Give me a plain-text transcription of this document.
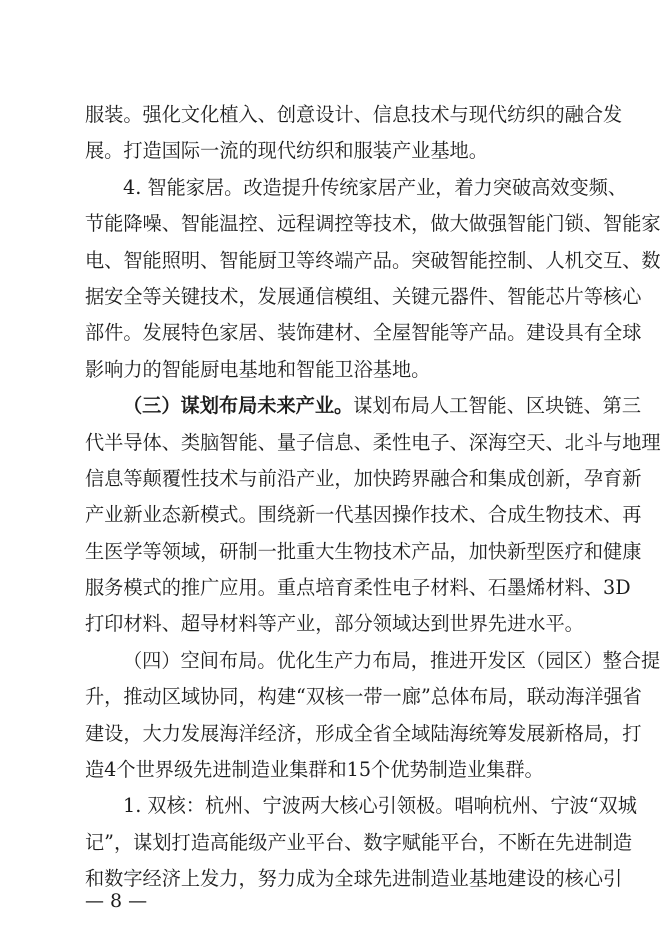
服装。强化文化植入、创意设计、信息技术与现代纺织的融合发
展。打造国际一流的现代纺织和服装产业基地。
4. 智能家居。改造提升传统家居产业，着力突破高效变频、
节能降噪、智能温控、远程调控等技术，做大做强智能门锁、智能家
电、智能照明、智能厨卫等终端产品。突破智能控制、人机交互、数
据安全等关键技术，发展通信模组、关键元器件、智能芯片等核心
部件。发展特色家居、装饰建材、全屋智能等产品。建设具有全球
影响力的智能厨电基地和智能卫浴基地。
（三）谋划布局未来产业。谋划布局人工智能、区块链、第三
代半导体、类脑智能、量子信息、柔性电子、深海空天、北斗与地理
信息等颠覆性技术与前沿产业，加快跨界融合和集成创新，孕育新
产业新业态新模式。围绕新一代基因操作技术、合成生物技术、再
生医学等领域，研制一批重大生物技术产品，加快新型医疗和健康
服务模式的推广应用。重点培育柔性电子材料、石墨烯材料、3D
打印材料、超导材料等产业，部分领域达到世界先进水平。
（四）空间布局。优化生产力布局，推进开发区（园区）整合提
升，推动区域协同，构建“双核一带一廊”总体布局，联动海洋强省
建设，大力发展海洋经济，形成全省全域陆海统筹发展新格局，打
造4个世界级先进制造业集群和15个优势制造业集群。
1. 双核：杭州、宁波两大核心引领极。唱响杭州、宁波“双城
记”，谋划打造高能级产业平台、数字赋能平台，不断在先进制造
和数字经济上发力，努力成为全球先进制造业基地建设的核心引
— 8 —
